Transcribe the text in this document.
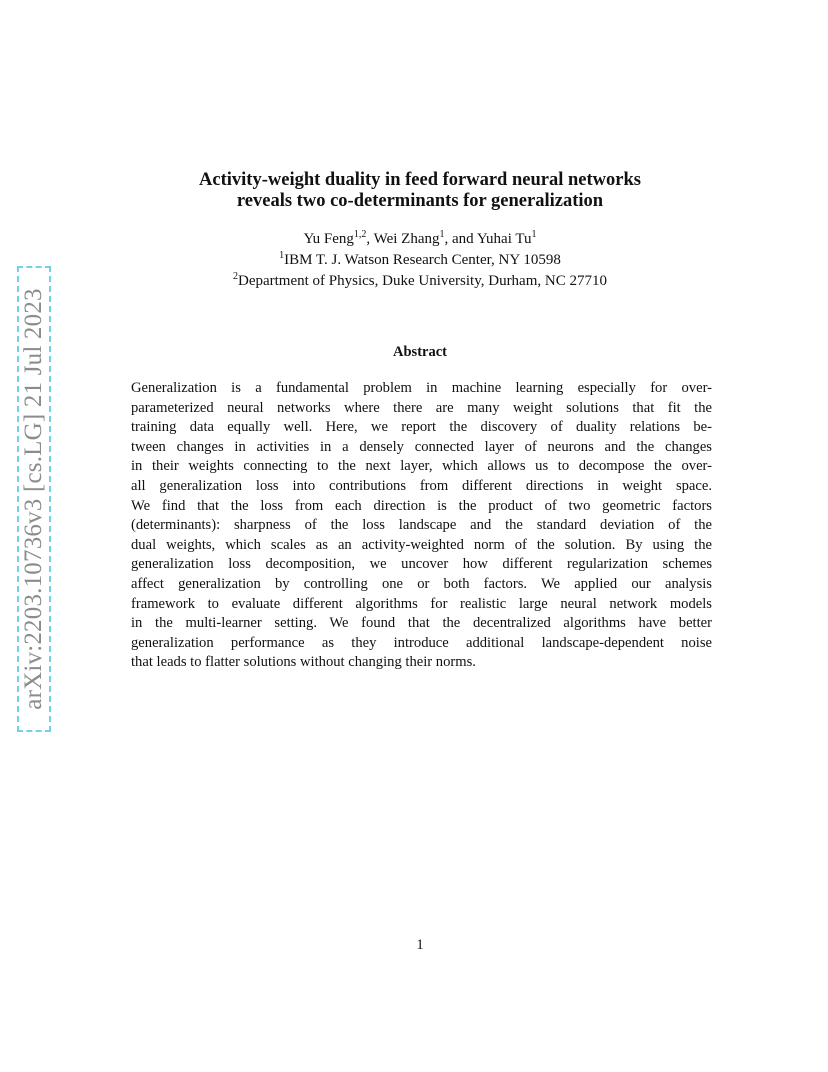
arXiv:2203.10736v3 [cs.LG] 21 Jul 2023
Activity-weight duality in feed forward neural networks
reveals two co-determinants for generalization
Yu Feng$^{1,2}$, Wei Zhang$^1$, and Yuhai Tu$^1$
$^1$IBM T. J. Watson Research Center, NY 10598
$^2$Department of Physics, Duke University, Durham, NC 27710
Abstract
Generalization is a fundamental problem in machine learning especially for over-
parameterized neural networks where there are many weight solutions that fit the
training data equally well. Here, we report the discovery of duality relations be-
tween changes in activities in a densely connected layer of neurons and the changes
in their weights connecting to the next layer, which allows us to decompose the over-
all generalization loss into contributions from different directions in weight space.
We find that the loss from each direction is the product of two geometric factors
(determinants): sharpness of the loss landscape and the standard deviation of the
dual weights, which scales as an activity-weighted norm of the solution. By using the
generalization loss decomposition, we uncover how different regularization schemes
affect generalization by controlling one or both factors. We applied our analysis
framework to evaluate different algorithms for realistic large neural network models
in the multi-learner setting. We found that the decentralized algorithms have better
generalization performance as they introduce additional landscape-dependent noise
that leads to flatter solutions without changing their norms.
1
